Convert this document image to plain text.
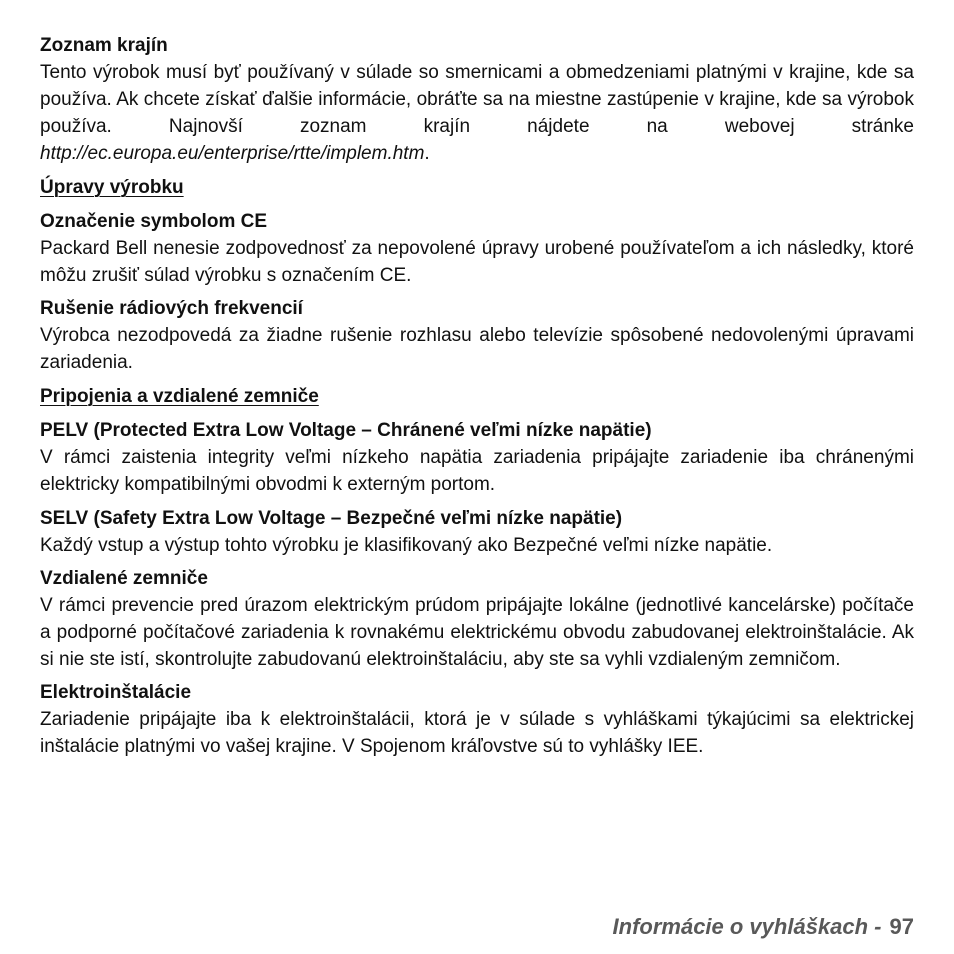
Zoznam krajín

Tento výrobok musí byť používaný v súlade so smernicami a obmedzeniami platnými v krajine, kde sa používa. Ak chcete získať ďalšie informácie, obráťte sa na miestne zastúpenie v krajine, kde sa výrobok používa. Najnovší zoznam krajín nájdete na webovej stránke http://ec.europa.eu/enterprise/rtte/implem.htm.

Úpravy výrobku
Označenie symbolom CE

Packard Bell nenesie zodpovednosť za nepovolené úpravy urobené používateľom a ich následky, ktoré môžu zrušiť súlad výrobku s označením CE.

Rušenie rádiových frekvencií

Výrobca nezodpovedá za žiadne rušenie rozhlasu alebo televízie spôsobené nedovolenými úpravami zariadenia.

Pripojenia a vzdialené zemniče
PELV (Protected Extra Low Voltage – Chránené veľmi nízke napätie)

V rámci zaistenia integrity veľmi nízkeho napätia zariadenia pripájajte zariadenie iba chránenými elektricky kompatibilnými obvodmi k externým portom.

SELV (Safety Extra Low Voltage – Bezpečné veľmi nízke napätie)

Každý vstup a výstup tohto výrobku je klasifikovaný ako Bezpečné veľmi nízke napätie.

Vzdialené zemniče

V rámci prevencie pred úrazom elektrickým prúdom pripájajte lokálne (jednotlivé kancelárske) počítače a podporné počítačové zariadenia k rovnakému elektrickému obvodu zabudovanej elektroinštalácie. Ak si nie ste istí, skontrolujte zabudovanú elektroinštaláciu, aby ste sa vyhli vzdialeným zemničom.

Elektroinštalácie

Zariadenie pripájajte iba k elektroinštalácii, ktorá je v súlade s vyhláškami týkajúcimi sa elektrickej inštalácie platnými vo vašej krajine. V Spojenom kráľovstve sú to vyhlášky IEE.

Informácie o vyhláškach - 97
